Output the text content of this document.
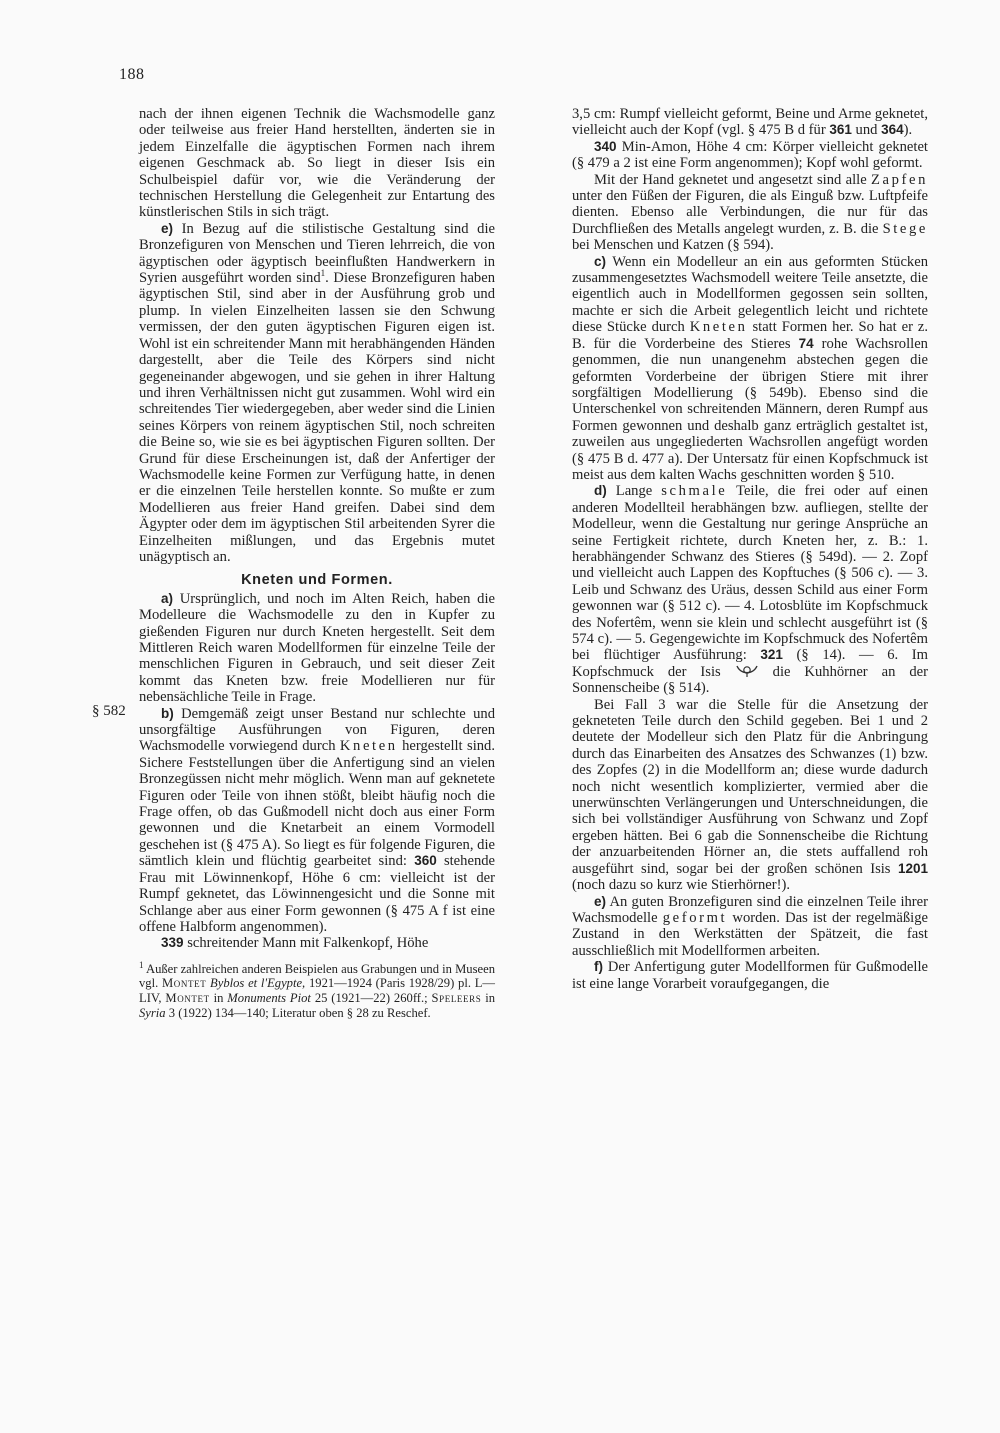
188
§ 582

nach der ihnen eigenen Technik die Wachsmodelle ganz oder teilweise aus freier Hand herstellten, änderten sie in jedem Einzelfalle die ägyptischen Formen nach ihrem eigenen Geschmack ab. So liegt in dieser Isis ein Schulbeispiel dafür vor, wie die Veränderung der technischen Herstellung die Gelegenheit zur Entartung des künstlerischen Stils in sich trägt.

e) In Bezug auf die stilistische Gestaltung sind die Bronzefiguren von Menschen und Tieren lehrreich, die von ägyptischen oder ägyptisch beeinflußten Handwerkern in Syrien ausgeführt worden sind$^1$. Diese Bronzefiguren haben ägyptischen Stil, sind aber in der Ausführung grob und plump. In vielen Einzelheiten lassen sie den Schwung vermissen, der den guten ägyptischen Figuren eigen ist. Wohl ist ein schreitender Mann mit herabhängenden Händen dargestellt, aber die Teile des Körpers sind nicht gegeneinander abgewogen, und sie gehen in ihrer Haltung und ihren Verhältnissen nicht gut zusammen. Wohl wird ein schreitendes Tier wiedergegeben, aber weder sind die Linien seines Körpers von reinem ägyptischen Stil, noch schreiten die Beine so, wie sie es bei ägyptischen Figuren sollten. Der Grund für diese Erscheinungen ist, daß der Anfertiger der Wachsmodelle keine Formen zur Verfügung hatte, in denen er die einzelnen Teile herstellen konnte. So mußte er zum Modellieren aus freier Hand greifen. Dabei sind dem Ägypter oder dem im ägyptischen Stil arbeitenden Syrer die Einzelheiten mißlungen, und das Ergebnis mutet unägyptisch an.

Kneten und Formen.

a) Ursprünglich, und noch im Alten Reich, haben die Modelleure die Wachsmodelle zu den in Kupfer zu gießenden Figuren nur durch Kneten hergestellt. Seit dem Mittleren Reich waren Modellformen für einzelne Teile der menschlichen Figuren in Gebrauch, und seit dieser Zeit kommt das Kneten bzw. freie Modellieren nur für nebensächliche Teile in Frage.

b) Demgemäß zeigt unser Bestand nur schlechte und unsorgfältige Ausführungen von Figuren, deren Wachsmodelle vorwiegend durch Kneten hergestellt sind. Sichere Feststellungen über die Anfertigung sind an vielen Bronzegüssen nicht mehr möglich. Wenn man auf geknetete Figuren oder Teile von ihnen stößt, bleibt häufig noch die Frage offen, ob das Gußmodell nicht doch aus einer Form gewonnen und die Knetarbeit an einem Vormodell geschehen ist (§ 475 A). So liegt es für folgende Figuren, die sämtlich klein und flüchtig gearbeitet sind: 360 stehende Frau mit Löwinnenkopf, Höhe 6 cm: vielleicht ist der Rumpf geknetet, das Löwinnengesicht und die Sonne mit Schlange aber aus einer Form gewonnen (§ 475 A f ist eine offene Halbform angenommen).

339 schreitender Mann mit Falkenkopf, Höhe

$^1$ Außer zahlreichen anderen Beispielen aus Grabungen und in Museen vgl. Montet Byblos et l'Egypte, 1921—1924 (Paris 1928/29) pl. L—LIV, Montet in Monuments Piot 25 (1921—22) 260ff.; Speleers in Syria 3 (1922) 134—140; Literatur oben § 28 zu Reschef.

3,5 cm: Rumpf vielleicht geformt, Beine und Arme geknetet, vielleicht auch der Kopf (vgl. § 475 B d für 361 und 364).

340 Min-Amon, Höhe 4 cm: Körper vielleicht geknetet (§ 479 a 2 ist eine Form angenommen); Kopf wohl geformt.

Mit der Hand geknetet und angesetzt sind alle Zapfen unter den Füßen der Figuren, die als Einguß bzw. Luftpfeife dienten. Ebenso alle Verbindungen, die nur für das Durchfließen des Metalls angelegt wurden, z. B. die Stege bei Menschen und Katzen (§ 594).

c) Wenn ein Modelleur an ein aus geformten Stücken zusammengesetztes Wachsmodell weitere Teile ansetzte, die eigentlich auch in Modellformen gegossen sein sollten, machte er sich die Arbeit gelegentlich leicht und richtete diese Stücke durch Kneten statt Formen her. So hat er z. B. für die Vorderbeine des Stieres 74 rohe Wachsrollen genommen, die nun unangenehm abstechen gegen die geformten Vorderbeine der übrigen Stiere mit ihrer sorgfältigen Modellierung (§ 549b). Ebenso sind die Unterschenkel von schreitenden Männern, deren Rumpf aus Formen gewonnen und deshalb ganz erträglich gestaltet ist, zuweilen aus ungegliederten Wachsrollen angefügt worden (§ 475 B d. 477 a). Der Untersatz für einen Kopfschmuck ist meist aus dem kalten Wachs geschnitten worden § 510.

d) Lange schmale Teile, die frei oder auf einen anderen Modellteil herabhängen bzw. aufliegen, stellte der Modelleur, wenn die Gestaltung nur geringe Ansprüche an seine Fertigkeit richtete, durch Kneten her, z. B.: 1. herabhängender Schwanz des Stieres (§ 549d). — 2. Zopf und vielleicht auch Lappen des Kopftuches (§ 506 c). — 3. Leib und Schwanz des Uräus, dessen Schild aus einer Form gewonnen war (§ 512 c). — 4. Lotosblüte im Kopfschmuck des Nofertêm, wenn sie klein und schlecht ausgeführt ist (§ 574 c). — 5. Gegengewichte im Kopfschmuck des Nofertêm bei flüchtiger Ausführung: 321 (§ 14). — 6. Im Kopfschmuck der Isis	die Kuhhörner an der Sonnenscheibe (§ 514).

Bei Fall 3 war die Stelle für die Ansetzung der gekneteten Teile durch den Schild gegeben. Bei 1 und 2 deutete der Modelleur sich den Platz für die Anbringung durch das Einarbeiten des Ansatzes des Schwanzes (1) bzw. des Zopfes (2) in die Modellform an; diese wurde dadurch noch nicht wesentlich komplizierter, vermied aber die unerwünschten Verlängerungen und Unterschneidungen, die sich bei vollständiger Ausführung von Schwanz und Zopf ergeben hätten. Bei 6 gab die Sonnenscheibe die Richtung der anzuarbeitenden Hörner an, die stets auffallend roh ausgeführt sind, sogar bei der großen schönen Isis 1201 (noch dazu so kurz wie Stierhörner!).

e) An guten Bronzefiguren sind die einzelnen Teile ihrer Wachsmodelle geformt worden. Das ist der regelmäßige Zustand in den Werkstätten der Spätzeit, die fast ausschließlich mit Modellformen arbeiten.

f) Der Anfertigung guter Modellformen für Gußmodelle ist eine lange Vorarbeit voraufgegangen, die
